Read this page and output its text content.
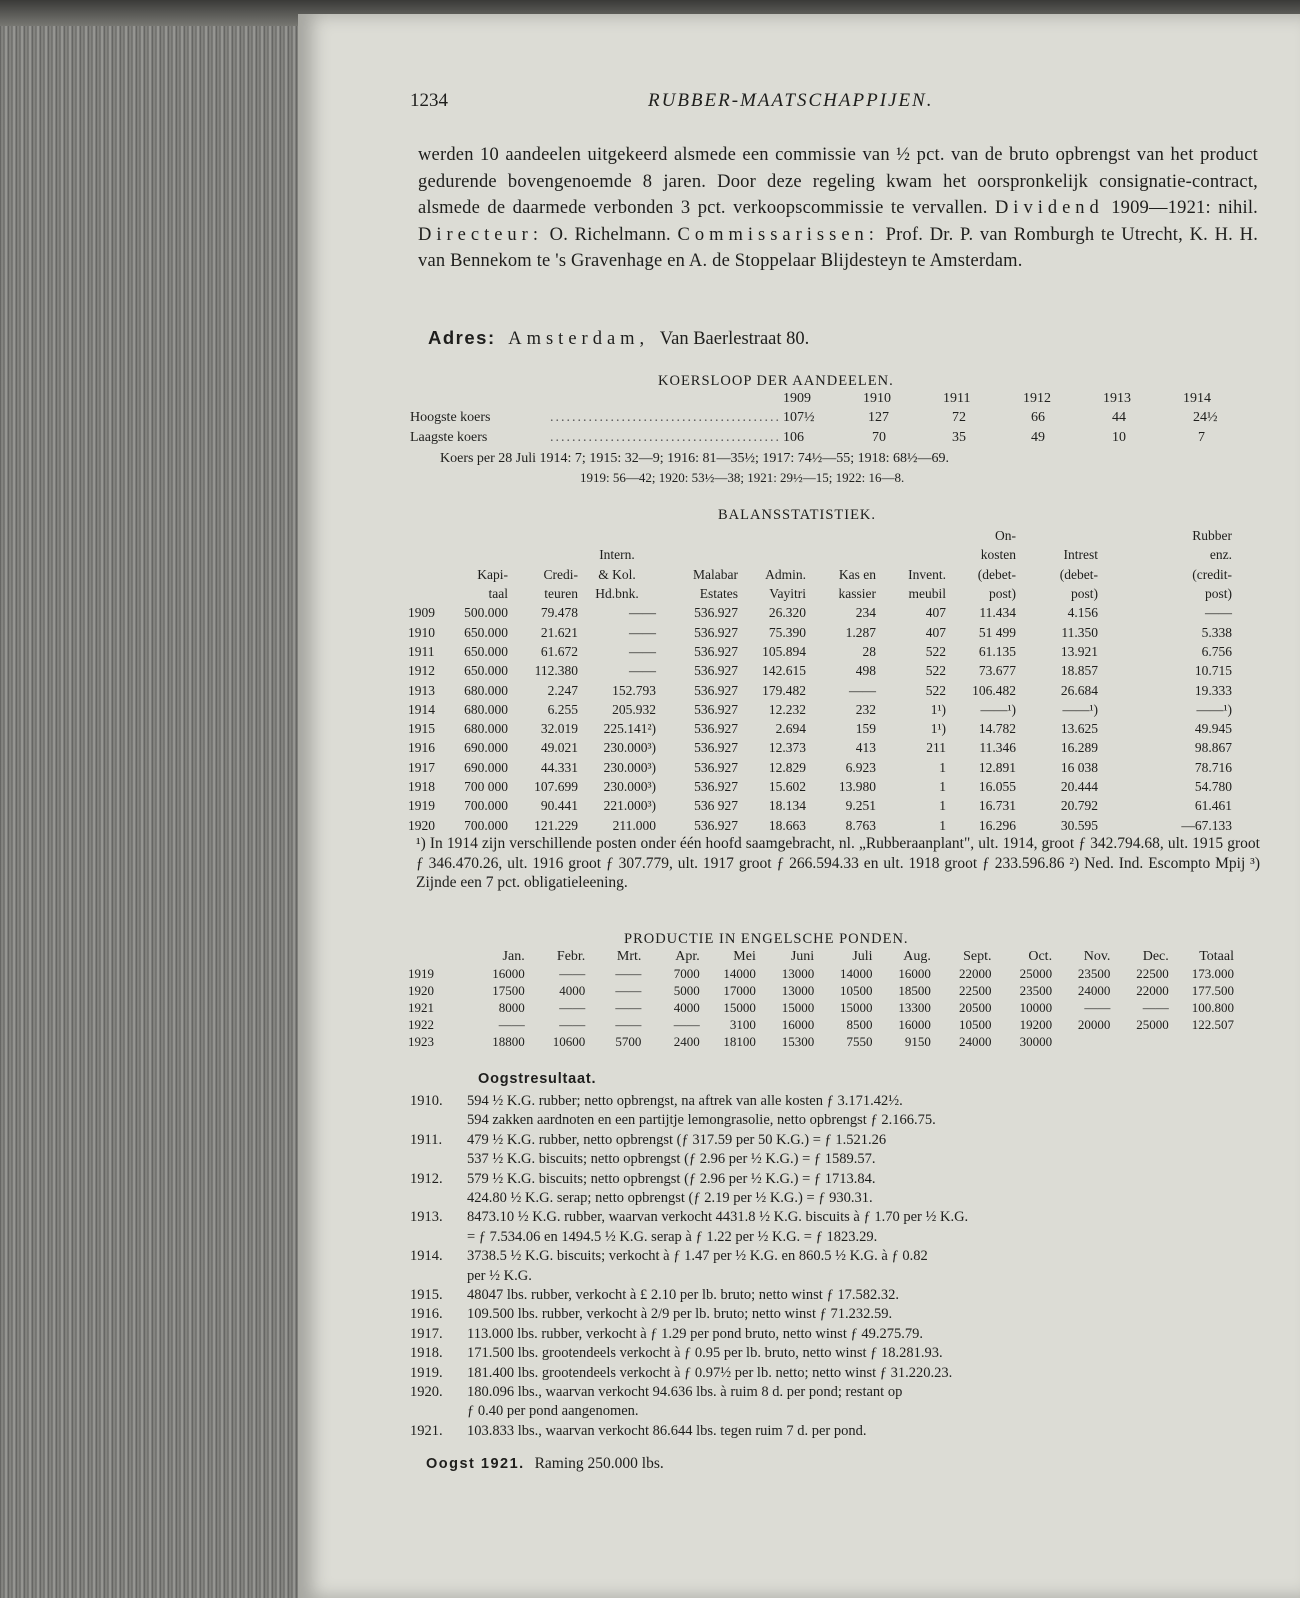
1234	RUBBER-MAATSCHAPPIJEN.
werden 10 aandeelen uitgekeerd alsmede een commissie van ½ pct. van de bruto opbrengst van het product gedurende bovengenoemde 8 jaren. Door deze regeling kwam het oorspronkelijk consignatie-contract, alsmede de daarmede verbonden 3 pct. verkoopscommissie te vervallen. Dividend 1909—1921: nihil. Directeur: O. Richelmann. Commissarissen: Prof. Dr. P. van Romburgh te Utrecht, K. H. H. van Bennekom te 's Gravenhage en A. de Stoppelaar Blijdesteyn te Amsterdam.
Adres: Amsterdam, Van Baerlestraat 80.
KOERSLOOP DER AANDEELEN.
1909	1910	1911	1912	1913	1914
Hoogste koers	.......................................... 107½	127	72	66	44	24½
Laagste koers	.......................................... 106	70	35	49	10	7
Koers per 28 Juli 1914: 7; 1915: 32—9; 1916: 81—35½; 1917: 74½—55; 1918: 68½—69.
1919: 56—42; 1920: 53½—38; 1921: 29½—15; 1922: 16—8.
BALANSSTATISTIEK.
								On-		Rubber
			Intern.					kosten	Intrest	enz.
	Kapi-	Credi-	& Kol.	Malabar	Admin.	Kas en	Invent.	(debet-	(debet-	(credit-
	taal	teuren	Hd.bnk.	Estates	Vayitri	kassier	meubil	post)	post)	post)
1909	500.000	79.478	——	536.927	26.320	234	407	11.434	4.156	——
1910	650.000	21.621	——	536.927	75.390	1.287	407	51 499	11.350	5.338
1911	650.000	61.672	——	536.927	105.894	28	522	61.135	13.921	6.756
1912	650.000	112.380	——	536.927	142.615	498	522	73.677	18.857	10.715
1913	680.000	2.247	152.793	536.927	179.482	——	522	106.482	26.684	19.333
1914	680.000	6.255	205.932	536.927	12.232	232	1¹)	——¹)	——¹)	——¹)
1915	680.000	32.019	225.141²)	536.927	2.694	159	1¹)	14.782	13.625	49.945
1916	690.000	49.021	230.000³)	536.927	12.373	413	211	11.346	16.289	98.867
1917	690.000	44.331	230.000³)	536.927	12.829	6.923	1	12.891	16 038	78.716
1918	700 000	107.699	230.000³)	536.927	15.602	13.980	1	16.055	20.444	54.780
1919	700.000	90.441	221.000³)	536 927	18.134	9.251	1	16.731	20.792	61.461
1920	700.000	121.229	211.000	536.927	18.663	8.763	1	16.296	30.595	—67.133
¹) In 1914 zijn verschillende posten onder één hoofd saamgebracht, nl. „Rubberaanplant", ult. 1914, groot ƒ 342.794.68, ult. 1915 groot ƒ 346.470.26, ult. 1916 groot ƒ 307.779, ult. 1917 groot ƒ 266.594.33 en ult. 1918 groot ƒ 233.596.86 ²) Ned. Ind. Escompto Mpij ³) Zijnde een 7 pct. obligatieleening.
PRODUCTIE IN ENGELSCHE PONDEN.
	Jan.	Febr.	Mrt.	Apr.	Mei	Juni	Juli	Aug.	Sept.	Oct.	Nov.	Dec.	Totaal
1919	16000	——	——	7000	14000	13000	14000	16000	22000	25000	23500	22500	173.000
1920	17500	4000	——	5000	17000	13000	10500	18500	22500	23500	24000	22000	177.500
1921	8000	——	——	4000	15000	15000	15000	13300	20500	10000	——	——	100.800
1922	——	——	——	——	3100	16000	8500	16000	10500	19200	20000	25000	122.507
1923	18800	10600	5700	2400	18100	15300	7550	9150	24000	30000			
Oogstresultaat.
1910. 594 ½ K.G. rubber; netto opbrengst, na aftrek van alle kosten ƒ 3.171.42½.
594 zakken aardnoten en een partijtje lemongrasolie, netto opbrengst ƒ 2.166.75.
1911. 479 ½ K.G. rubber, netto opbrengst (ƒ 317.59 per 50 K.G.) = ƒ 1.521.26
537 ½ K.G. biscuits; netto opbrengst (ƒ 2.96 per ½ K.G.) = ƒ 1589.57.
1912. 579 ½ K.G. biscuits; netto opbrengst (ƒ 2.96 per ½ K.G.) = ƒ 1713.84.
424.80 ½ K.G. serap; netto opbrengst (ƒ 2.19 per ½ K.G.) = ƒ 930.31.
1913. 8473.10 ½ K.G. rubber, waarvan verkocht 4431.8 ½ K.G. biscuits à ƒ 1.70 per ½ K.G.
= ƒ 7.534.06 en 1494.5 ½ K.G. serap à ƒ 1.22 per ½ K.G. = ƒ 1823.29.
1914. 3738.5 ½ K.G. biscuits; verkocht à ƒ 1.47 per ½ K.G. en 860.5 ½ K.G. à ƒ 0.82
per ½ K.G.
1915. 48047 lbs. rubber, verkocht à £ 2.10 per lb. bruto; netto winst ƒ 17.582.32.
1916. 109.500 lbs. rubber, verkocht à 2/9 per lb. bruto; netto winst ƒ 71.232.59.
1917. 113.000 lbs. rubber, verkocht à ƒ 1.29 per pond bruto, netto winst ƒ 49.275.79.
1918. 171.500 lbs. grootendeels verkocht à ƒ 0.95 per lb. bruto, netto winst ƒ 18.281.93.
1919. 181.400 lbs. grootendeels verkocht à ƒ 0.97½ per lb. netto; netto winst ƒ 31.220.23.
1920. 180.096 lbs., waarvan verkocht 94.636 lbs. à ruim 8 d. per pond; restant op
ƒ 0.40 per pond aangenomen.
1921. 103.833 lbs., waarvan verkocht 86.644 lbs. tegen ruim 7 d. per pond.
Oogst 1921. Raming 250.000 lbs.
